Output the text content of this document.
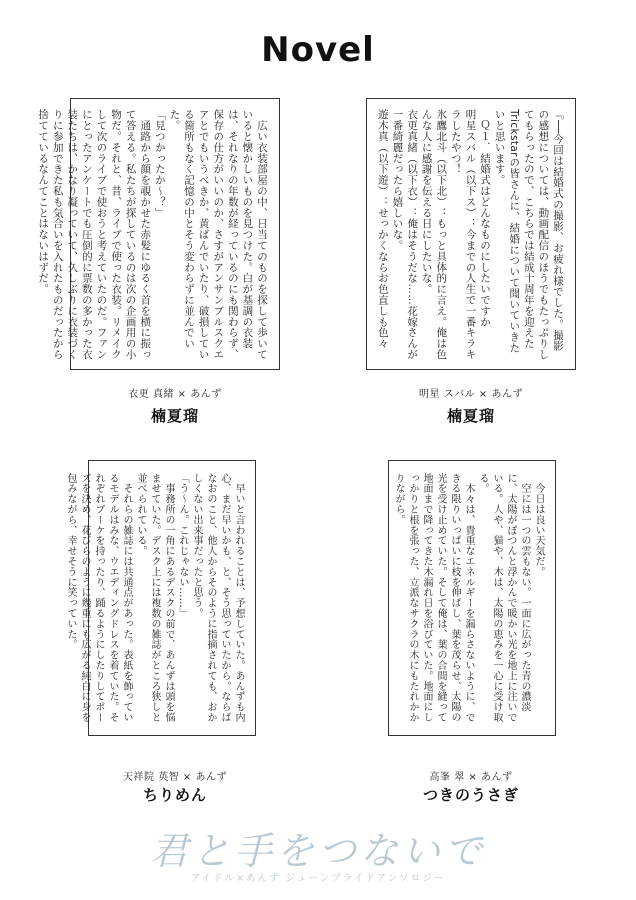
Novel
　広い衣装部屋の中、日当てのものを探して歩いていると懐かしいものを見つけた。白が基調の衣装は、それなりの年数が経っているのにも関わらず、保存の仕方がいいのか、さすがアンサンブルスクエアとでもいうべきか、黄ばんでいたり、破損している箇所もなく記憶の中とそう変わらずに並んでいた。
「見つかったか〜？」
　通路から顔を覗かせた赤髪にゆるく首を横に振って答える。私たちが探しているのは次の企画用の小物だ。それと、昔、ライブで使った衣装。リメイクして次のライブで使おうと考えていたのだ。ファンにとったアンケートでも圧倒的に票数の多かった衣装たちは、かなり凝っていて、久しぶりに衣装づくりに参加できた私も気合いを入れたものだったから捨てているなんてことはないはずだ。	『──今回は結婚式の撮影、お疲れ様でした。撮影の感想については、動画配信のほうでもたっぷりしてもらったので、こちらでは結成十周年を迎えたTrickstarの皆さんに、結婚について聞いていきたいと思います。
　Ｑ１．結婚式はどんなものにしたいですか
明星スバル（以下ス）：今までの人生で一番キラキラしたやつ！
氷鷹北斗（以下北）：もっと具体的に言え。俺は色んな人に感謝を伝える日にしたいな。
衣更真緒（以下衣）：俺はそうだな……花嫁さんが一番綺麗だったら嬉しいな。
遊木真（以下遊）：せっかくならお色直しも色々
　早いと言われることは、予想していた。あんずも内心、まだ早いかも、と、そう思っていたから。ならばなおのこと、他人からそのように指摘されても、おかしくない出来事だったと思う。
「う〜ん。これじゃない……」
　事務所の一角にあるデスクの前で、あんずは頭を悩ませていた。デスク上には複数の雑誌がところ狭しと並べられている。
　それらの雑誌には共通点があった。表紙を飾っているモデルはみな、ウエディングドレスを着ていた。それぞれブーケを持ったり、踊るようにしたりしてポーズを決め、花びらのように幾重にも広がる純白に身を包みながら、幸せそうに笑っていた。	　今日は良い天気だ。
　空には一つの雲もない。一面に広がった青の濃淡に、太陽がぽつんと浮かんで暖かい光を地上に注いでいる。人や、猫や、木は、太陽の恵みを一心に受け取る。
　木々は、貴重なエネルギーを漏らさないように、できる限りいっぱいに枝を伸ばし、葉を茂らせ、太陽の光を受け止めていた。そして俺は、葉の合間を縫って地面まで降ってきた木漏れ日を浴びていた。地面にしっかりと根を張った、立派なサクラの木にもたれかかりながら。
衣更 真緒 × あんず
楠夏瑠
明星 スバル × あんず
楠夏瑠
天祥院 英智 × あんず
ちりめん
高峯 翠 × あんず
つきのうさぎ
君と手をつないで
アイドル×あんず ジューンブライドアンソロジー
